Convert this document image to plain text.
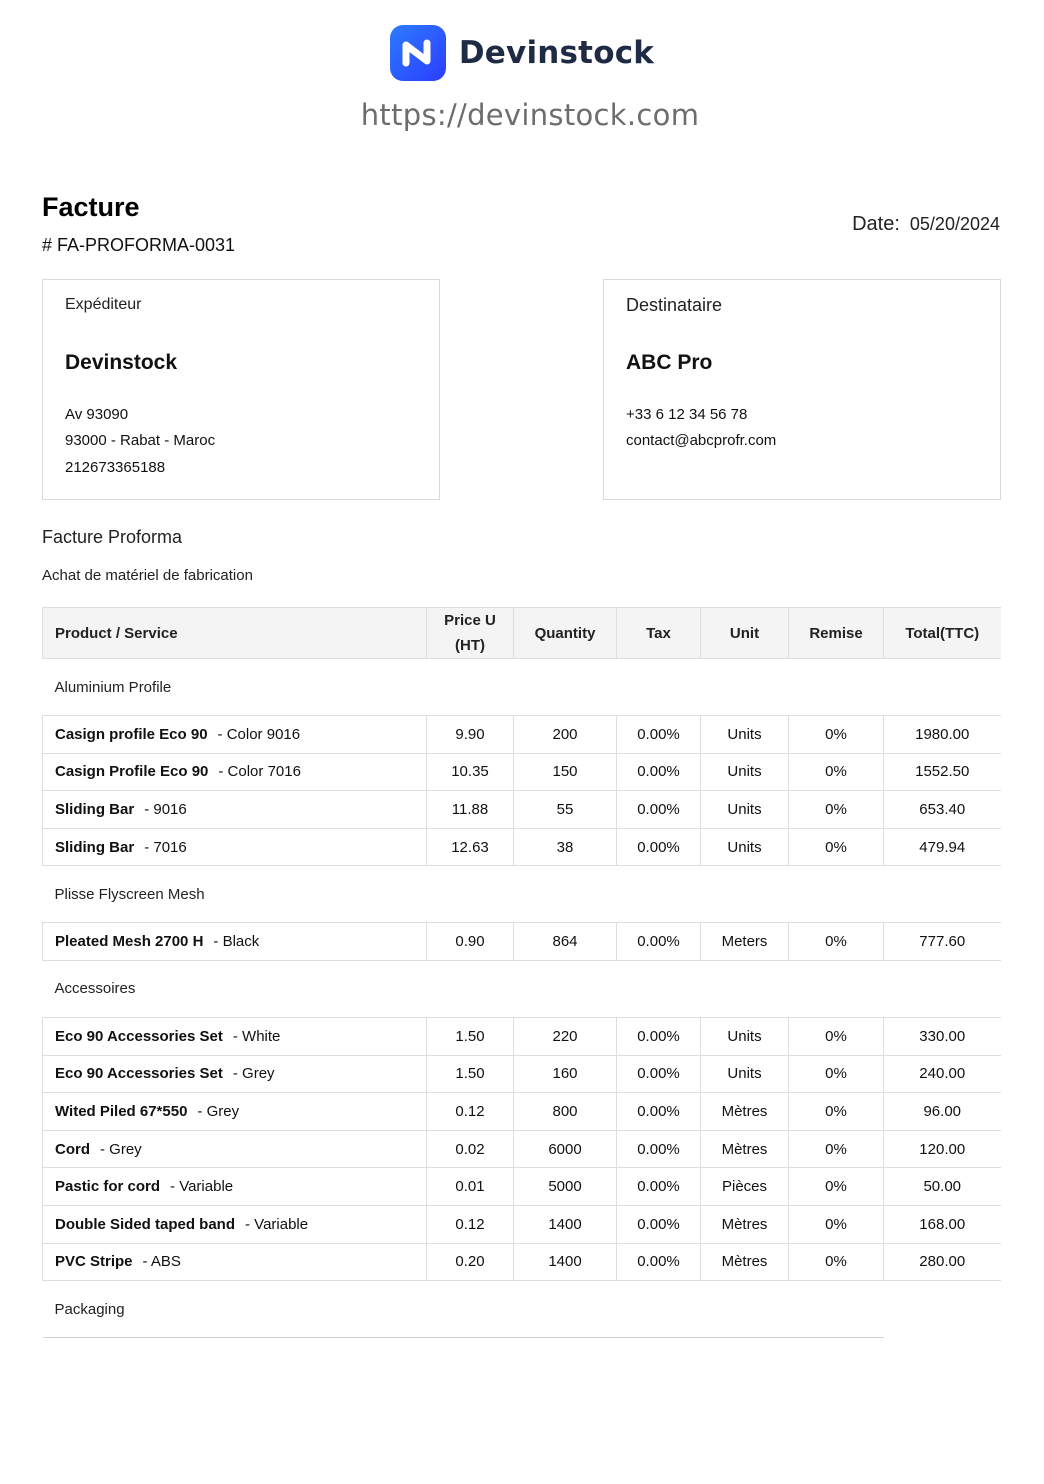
Devinstock
https://devinstock.com
Facture
# FA-PROFORMA-0031
Date: 05/20/2024
Expéditeur
Devinstock
Av 93090
93000 - Rabat - Maroc
212673365188
Destinataire
ABC Pro
+33 6 12 34 56 78
contact@abcprofr.com
Facture Proforma
Achat de matériel de fabrication
Product / Service	Price U (HT)	Quantity	Tax	Unit	Remise	Total(TTC)
Aluminium Profile						
Casign profile Eco 90 - Color 9016	9.90	200	0.00%	Units	0%	1980.00
Casign Profile Eco 90 - Color 7016	10.35	150	0.00%	Units	0%	1552.50
Sliding Bar - 9016	11.88	55	0.00%	Units	0%	653.40
Sliding Bar - 7016	12.63	38	0.00%	Units	0%	479.94
Plisse Flyscreen Mesh						
Pleated Mesh 2700 H - Black	0.90	864	0.00%	Meters	0%	777.60
Accessoires						
Eco 90 Accessories Set - White	1.50	220	0.00%	Units	0%	330.00
Eco 90 Accessories Set - Grey	1.50	160	0.00%	Units	0%	240.00
Wited Piled 67*550 - Grey	0.12	800	0.00%	Mètres	0%	96.00
Cord - Grey	0.02	6000	0.00%	Mètres	0%	120.00
Pastic for cord - Variable	0.01	5000	0.00%	Pièces	0%	50.00
Double Sided taped band - Variable	0.12	1400	0.00%	Mètres	0%	168.00
PVC Stripe - ABS	0.20	1400	0.00%	Mètres	0%	280.00
Packaging						
